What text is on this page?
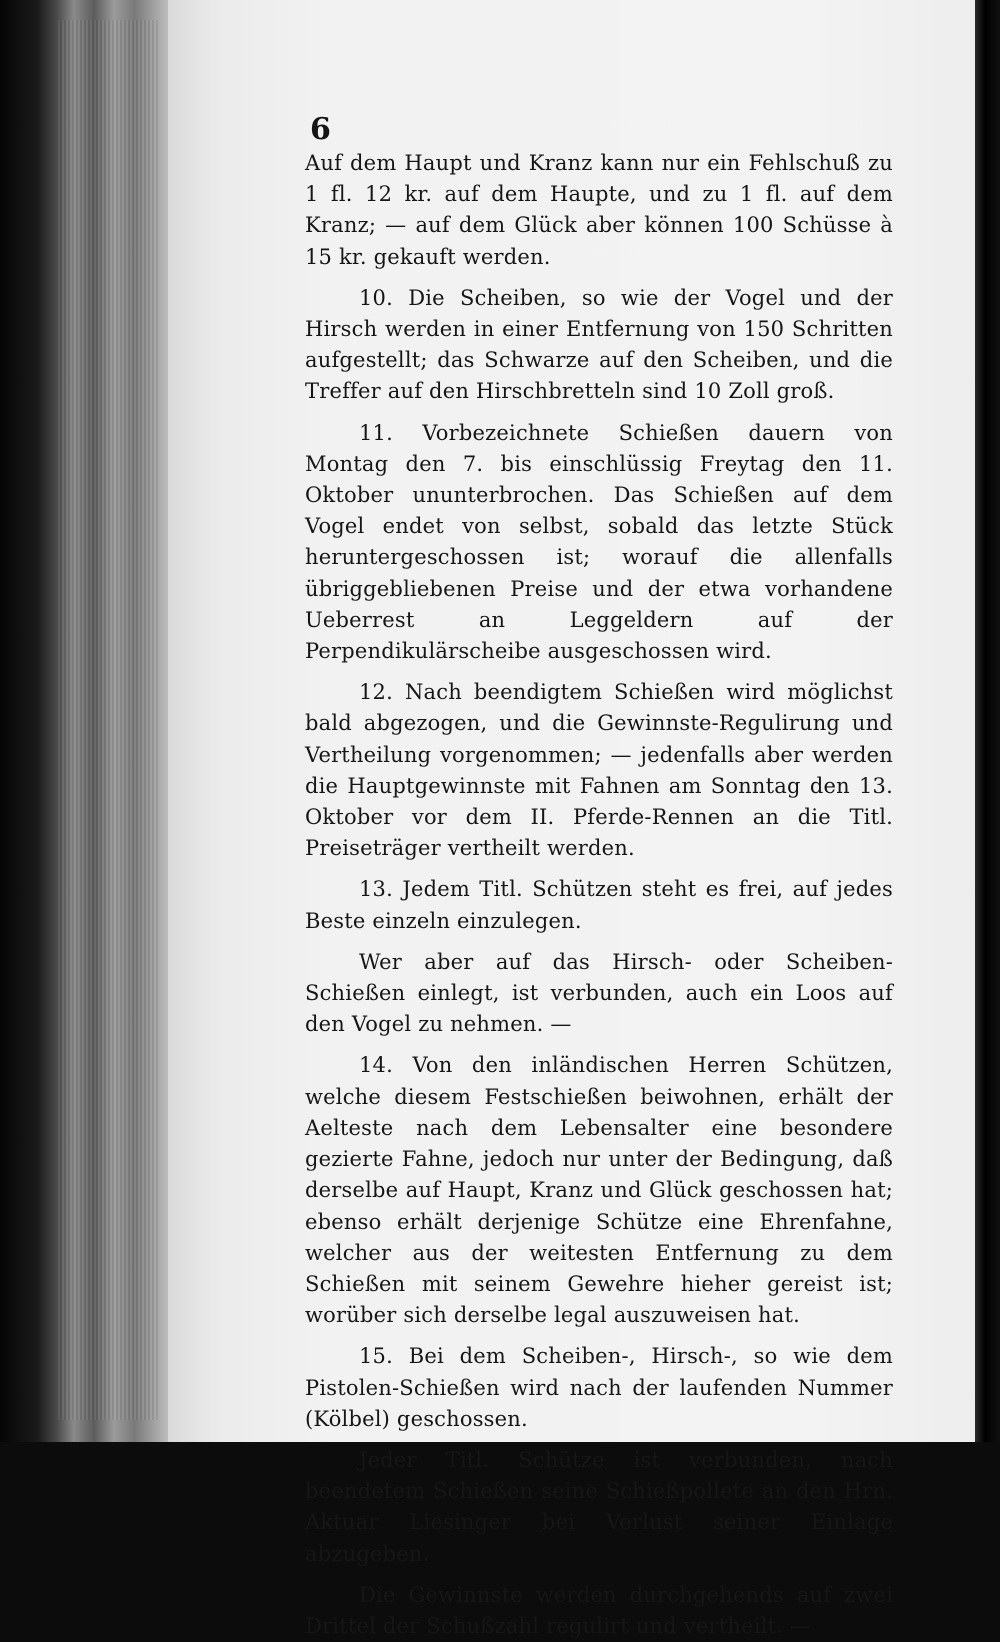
6

Auf dem Haupt und Kranz kann nur ein Fehlschuß zu 1 fl. 12 kr. auf dem Haupte, und zu 1 fl. auf dem Kranz; — auf dem Glück aber können 100 Schüsse à 15 kr. gekauft werden.

10. Die Scheiben, so wie der Vogel und der Hirsch werden in einer Entfernung von 150 Schritten aufgestellt; das Schwarze auf den Scheiben, und die Treffer auf den Hirschbretteln sind 10 Zoll groß.

11. Vorbezeichnete Schießen dauern von Montag den 7. bis einschlüssig Freytag den 11. Oktober ununterbrochen. Das Schießen auf dem Vogel endet von selbst, sobald das letzte Stück heruntergeschossen ist; worauf die allenfalls übriggebliebenen Preise und der etwa vorhandene Ueberrest an Leggeldern auf der Perpendikulärscheibe ausgeschossen wird.

12. Nach beendigtem Schießen wird möglichst bald abgezogen, und die Gewinnste-Regulirung und Vertheilung vorgenommen; — jedenfalls aber werden die Hauptgewinnste mit Fahnen am Sonntag den 13. Oktober vor dem II. Pferde-Rennen an die Titl. Preiseträger vertheilt werden.

13. Jedem Titl. Schützen steht es frei, auf jedes Beste einzeln einzulegen.

Wer aber auf das Hirsch- oder Scheiben-Schießen einlegt, ist verbunden, auch ein Loos auf den Vogel zu nehmen. —

14. Von den inländischen Herren Schützen, welche diesem Festschießen beiwohnen, erhält der Aelteste nach dem Lebensalter eine besondere gezierte Fahne, jedoch nur unter der Bedingung, daß derselbe auf Haupt, Kranz und Glück geschossen hat; ebenso erhält derjenige Schütze eine Ehrenfahne, welcher aus der weitesten Entfernung zu dem Schießen mit seinem Gewehre hieher gereist ist; worüber sich derselbe legal auszuweisen hat.

15. Bei dem Scheiben-, Hirsch-, so wie dem Pistolen-Schießen wird nach der laufenden Nummer (Kölbel) geschossen.

Jeder Titl. Schütze ist verbunden, nach beendetem Schießen seine Schießpollete an den Hrn. Aktuar Liesinger bei Verlust seiner Einlage abzugeben.

Die Gewinnste werden durchgehends auf zwei Drittel der Schußzahl regulirt und vertheilt. —
